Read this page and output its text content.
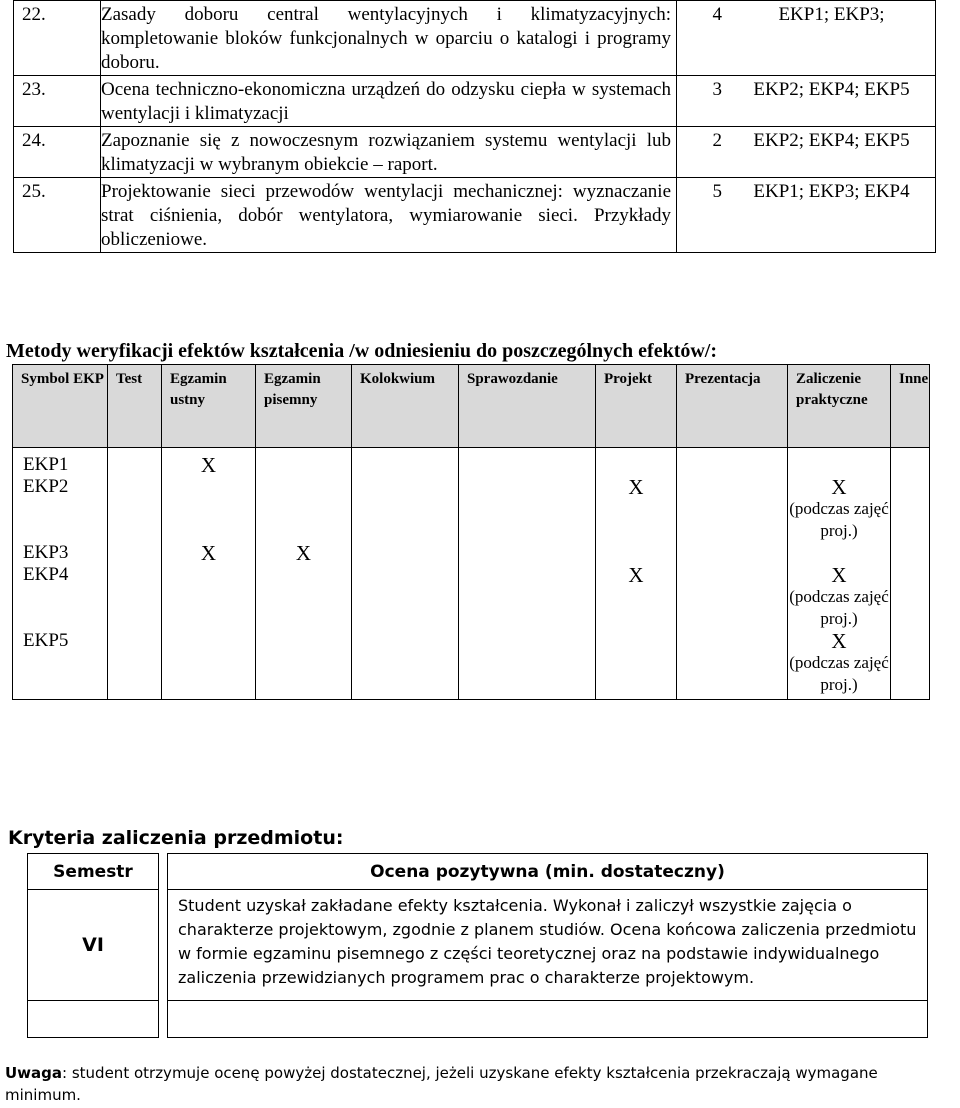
22.	Zasady doboru central wentylacyjnych i klimatyzacyjnych: kompletowanie bloków funkcjonalnych w oparciu o katalogi i programy doboru.	4	EKP1; EKP3;

23.	Ocena techniczno-ekonomiczna urządzeń do odzysku ciepła w systemach wentylacji i klimatyzacji	3	EKP2; EKP4; EKP5

24.	Zapoznanie się z nowoczesnym rozwiązaniem systemu wentylacji lub klimatyzacji w wybranym obiekcie – raport.	2	EKP2; EKP4; EKP5

25.	Projektowanie sieci przewodów wentylacji mechanicznej: wyznaczanie strat ciśnienia, dobór wentylatora, wymiarowanie sieci. Przykłady obliczeniowe.	5	EKP1; EKP3; EKP4
Metody weryfikacji efektów kształcenia /w odniesieniu do poszczególnych efektów/:
Symbol EKP	Test	Egzamin ustny	Egzamin pisemny	Kolokwium	Sprawozdanie	Projekt	Prezentacja	Zaliczenie praktyczne	Inne
EKP1		X							

EKP2						X		X
(podczas zajęć proj.)	

EKP3		X	X						

EKP4						X		X
(podczas zajęć proj.)	

EKP5								X
(podczas zajęć proj.)	

Kryteria zaliczenia przedmiotu:
Semestr		Ocena pozytywna (min. dostateczny)
VI		Student uzyskał zakładane efekty kształcenia. Wykonał i zaliczył wszystkie zajęcia o charakterze projektowym, zgodnie z planem studiów. Ocena końcowa zaliczenia przedmiotu w formie egzaminu pisemnego z części teoretycznej oraz na podstawie indywidualnego zaliczenia przewidzianych programem prac o charakterze projektowym.

Uwaga: student otrzymuje ocenę powyżej dostatecznej, jeżeli uzyskane efekty kształcenia przekraczają wymagane minimum.
